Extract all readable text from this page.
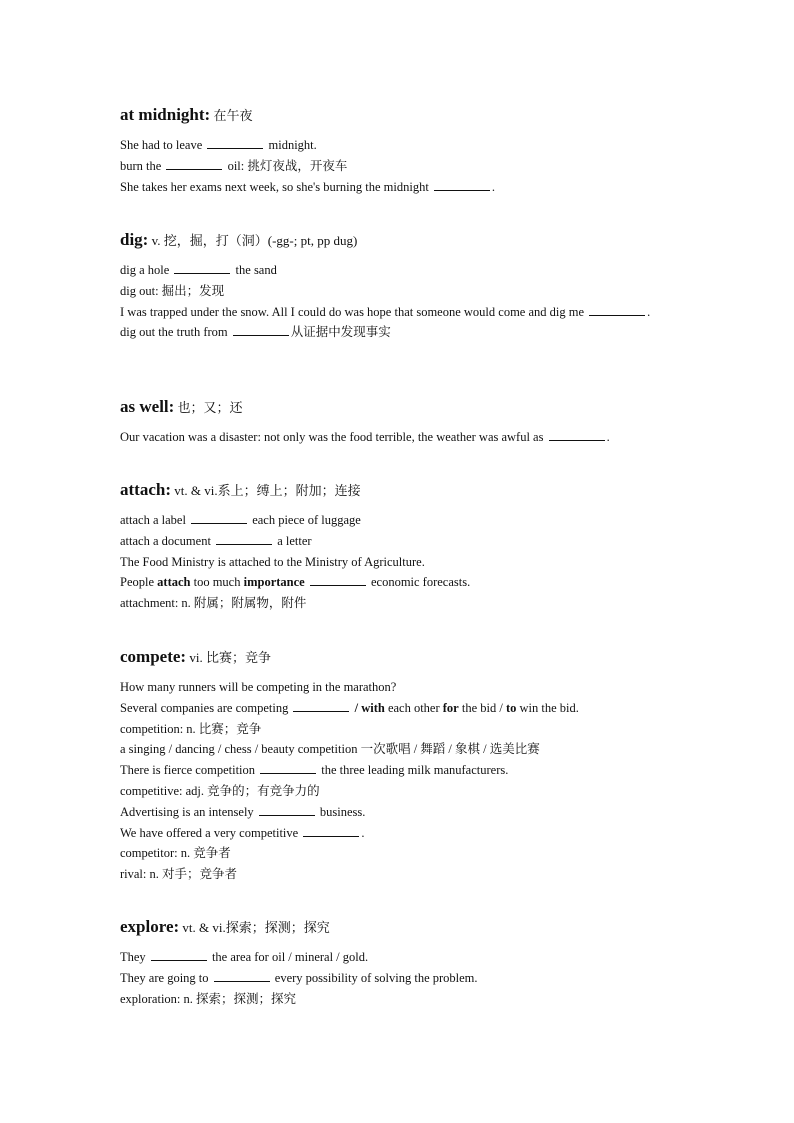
at midnight: 在午夜

She had to leave	midnight.

burn the	oil: 挑灯夜战，开夜车

She takes her exams next week, so she's burning the midnight	.

dig: v. 挖，掘，打（洞）(-gg-; pt, pp dug)

dig a hole	the sand

dig out: 掘出；发现

I was trapped under the snow. All I could do was hope that someone would come and dig me	.

dig out the truth from	从证据中发现事实

as well: 也；又；还

Our vacation was a disaster: not only was the food terrible, the weather was awful as	.

attach: vt. & vi.系上；缚上；附加；连接

attach a label	each piece of luggage

attach a document	a letter

The Food Ministry is attached to the Ministry of Agriculture.

People attach too much importance	economic forecasts.

attachment: n. 附属；附属物，附件

compete: vi. 比赛；竞争

How many runners will be competing in the marathon?

Several companies are competing	/ with each other for the bid / to win the bid.

competition: n. 比赛；竞争

a singing / dancing / chess / beauty competition 一次歌唱 / 舞蹈 / 象棋 / 选美比赛

There is fierce competition	the three leading milk manufacturers.

competitive: adj. 竞争的；有竞争力的

Advertising is an intensely	business.

We have offered a very competitive	.

competitor: n. 竞争者

rival: n. 对手；竞争者

explore: vt. & vi.探索；探测；探究

They	the area for oil / mineral / gold.

They are going to	every possibility of solving the problem.

exploration: n. 探索；探测；探究
